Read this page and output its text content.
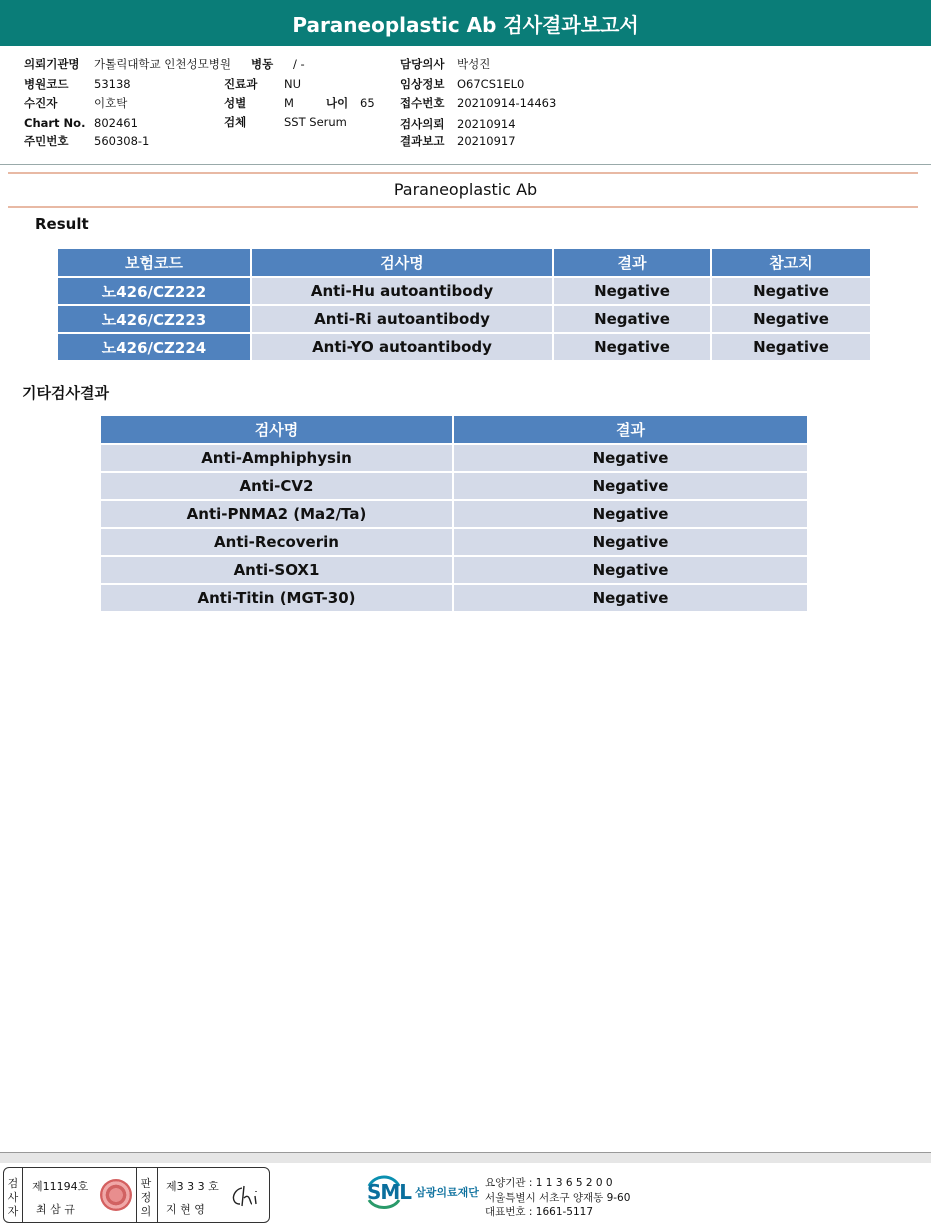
Paraneoplastic Ab 검사결과보고서
의뢰기관명 가톨릭대학교 인천성모병원
병원코드 53138
수진자	이호탁
Chart No. 802461
주민번호 560308-1
병동 / -
진료과 NU
성별	M	나이 65
검체	SST Serum
담당의사 박성진
임상정보 O67CS1EL0
접수번호 20210914-14463
검사의뢰 20210914
결과보고 20210917
Paraneoplastic Ab
Result
보험코드	검사명	결과	참고치
노426/CZ222	Anti-Hu autoantibody	Negative	Negative
노426/CZ223	Anti-Ri autoantibody	Negative	Negative
노426/CZ224	Anti-YO autoantibody	Negative	Negative
기타검사결과
검사명	결과
Anti-Amphiphysin	Negative
Anti-CV2	Negative
Anti-PNMA2 (Ma2/Ta)	Negative
Anti-Recoverin	Negative
Anti-SOX1	Negative
Anti-Titin (MGT-30)	Negative
검사자
제11194호
최 삼 규
판정의
제3 3 3 호
지 현 영
SML 삼광의료재단
요양기관 : 1 1 3 6 5 2 0 0
서울특별시 서초구 양재동 9-60
대표번호 : 1661-5117
